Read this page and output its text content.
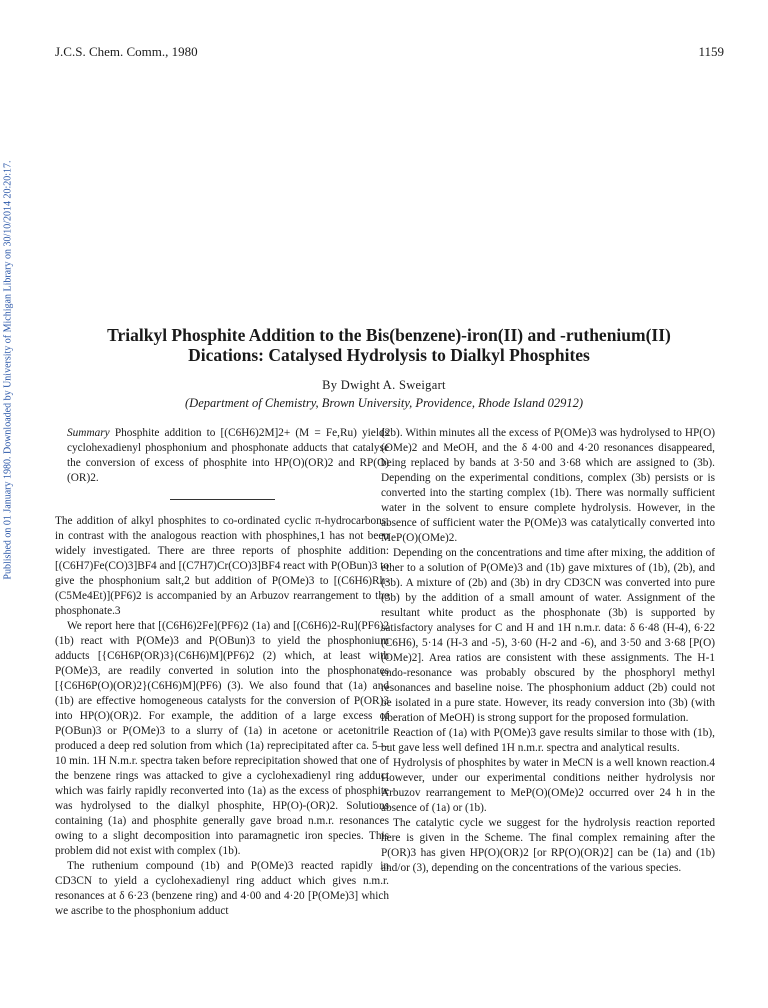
J.C.S. Chem. Comm., 1980	1159
Published on 01 January 1980. Downloaded by University of Michigan Library on 30/10/2014 20:20:17.	Trialkyl Phosphite Addition to the Bis(benzene)-iron(II) and -ruthenium(II)
Dications: Catalysed Hydrolysis to Dialkyl Phosphites
By Dwight A. Sweigart
(Department of Chemistry, Brown University, Providence, Rhode Island 02912)

Summary Phosphite addition to [(C6H6)2M]2+ (M = Fe,Ru) yields cyclohexadienyl phosphonium and phosphonate adducts that catalyse the conversion of excess of phosphite into HP(O)(OR)2 and RP(O)(OR)2.

The addition of alkyl phosphites to co-ordinated cyclic π-hydrocarbons, in contrast with the analogous reaction with phosphines,1 has not been widely investigated. There are three reports of phosphite addition: [(C6H7)Fe(CO)3]BF4 and [(C7H7)Cr(CO)3]BF4 react with P(OBun)3 to give the phosphonium salt,2 but addition of P(OMe)3 to [(C6H6)Rh-(C5Me4Et)](PF6)2 is accompanied by an Arbuzov rearrangement to the phosphonate.3

We report here that [(C6H6)2Fe](PF6)2 (1a) and [(C6H6)2-Ru](PF6)2 (1b) react with P(OMe)3 and P(OBun)3 to yield the phosphonium adducts [{C6H6P(OR)3}(C6H6)M](PF6)2 (2) which, at least with P(OMe)3, are readily converted in solution into the phosphonates [{C6H6P(O)(OR)2}(C6H6)M](PF6) (3). We also found that (1a) and (1b) are effective homogeneous catalysts for the conversion of P(OR)3 into HP(O)(OR)2. For example, the addition of a large excess of P(OBun)3 or P(OMe)3 to a slurry of (1a) in acetone or acetonitrile produced a deep red solution from which (1a) reprecipitated after ca. 5—10 min. 1H N.m.r. spectra taken before reprecipitation showed that one of the benzene rings was attacked to give a cyclohexadienyl ring adduct which was fairly rapidly reconverted into (1a) as the excess of phosphite was hydrolysed to the dialkyl phosphite, HP(O)-(OR)2. Solutions containing (1a) and phosphite generally gave broad n.m.r. resonances owing to a slight decomposition into paramagnetic iron species. This problem did not exist with complex (1b).

The ruthenium compound (1b) and P(OMe)3 reacted rapidly in CD3CN to yield a cyclohexadienyl ring adduct which gives n.m.r. resonances at δ 6·23 (benzene ring) and 4·00 and 4·20 [P(OMe)3] which we ascribe to the phosphonium adduct

(2b). Within minutes all the excess of P(OMe)3 was hydrolysed to HP(O)(OMe)2 and MeOH, and the δ 4·00 and 4·20 resonances disappeared, being replaced by bands at 3·50 and 3·68 which are assigned to (3b). Depending on the experimental conditions, complex (3b) persists or is converted into the starting complex (1b). There was normally sufficient water in the solvent to ensure complete hydrolysis. However, in the absence of sufficient water the P(OMe)3 was catalytically converted into MeP(O)(OMe)2.

Depending on the concentrations and time after mixing, the addition of ether to a solution of P(OMe)3 and (1b) gave mixtures of (1b), (2b), and (3b). A mixture of (2b) and (3b) in dry CD3CN was converted into pure (3b) by the addition of a small amount of water. Assignment of the resultant white product as the phosphonate (3b) is supported by satisfactory analyses for C and H and 1H n.m.r. data: δ 6·48 (H-4), 6·22 (C6H6), 5·14 (H-3 and -5), 3·60 (H-2 and -6), and 3·50 and 3·68 [P(O)(OMe)2]. Area ratios are consistent with these assignments. The H-1 endo-resonance was probably obscured by the phosphoryl methyl resonances and baseline noise. The phosphonium adduct (2b) could not be isolated in a pure state. However, its ready conversion into (3b) (with liberation of MeOH) is strong support for the proposed formulation.

Reaction of (1a) with P(OMe)3 gave results similar to those with (1b), but gave less well defined 1H n.m.r. spectra and analytical results.

Hydrolysis of phosphites by water in MeCN is a well known reaction.4 However, under our experimental conditions neither hydrolysis nor Arbuzov rearrangement to MeP(O)(OMe)2 occurred over 24 h in the absence of (1a) or (1b).

The catalytic cycle we suggest for the hydrolysis reaction reported here is given in the Scheme. The final complex remaining after the P(OR)3 has given HP(O)(OR)2 [or RP(O)(OR)2] can be (1a) and (1b) and/or (3), depending on the concentrations of the various species.
